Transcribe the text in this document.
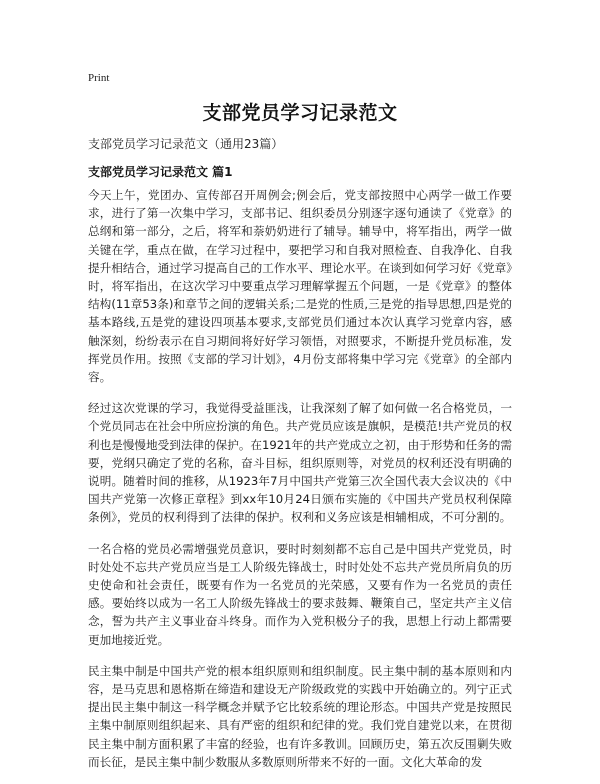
Print
支部党员学习记录范文
支部党员学习记录范文（通用23篇）
支部党员学习记录范文 篇1

今天上午，党团办、宣传部召开周例会;例会后，党支部按照中心两学一做工作要求，进行了第一次集中学习，支部书记、组织委员分别逐字逐句通读了《党章》的总纲和第一部分，之后，将军和萘奶奶进行了辅导。辅导中，将军指出，两学一做关键在学，重点在做，在学习过程中，要把学习和自我对照检查、自我净化、自我提升相结合，通过学习提高自己的工作水平、理论水平。在谈到如何学习好《党章》时，将军指出，在这次学习中要重点学习理解掌握五个问题，一是《党章》的整体结构(11章53条)和章节之间的逻辑关系;二是党的性质,三是党的指导思想,四是党的基本路线,五是党的建设四项基本要求,支部党员们通过本次认真学习党章内容，感触深刻，纷纷表示在自习期间将好好学习领悟，对照要求，不断提升党员标准，发挥党员作用。按照《支部的学习计划》，4月份支部将集中学习完《党章》的全部内容。

经过这次党课的学习，我觉得受益匪浅，让我深刻了解了如何做一名合格党员，一个党员同志在社会中所应扮演的角色。共产党员应该是旗帜，是模范!共产党员的权利也是慢慢地受到法律的保护。在1921年的共产党成立之初，由于形势和任务的需要，党纲只确定了党的名称，奋斗目标，组织原则等，对党员的权利还没有明确的说明。随着时间的推移，从1923年7月中国共产党第三次全国代表大会议决的《中国共产党第一次修正章程》到xx年10月24日颁布实施的《中国共产党员权利保障条例》，党员的权利得到了法律的保护。权利和义务应该是相辅相成，不可分割的。

一名合格的党员必需增强党员意识，要时时刻刻都不忘自己是中国共产党党员，时时处处不忘共产党员应当是工人阶级先锋战士，时时处处不忘共产党员所肩负的历史使命和社会责任，既要有作为一名党员的光荣感，又要有作为一名党员的责任感。要始终以成为一名工人阶级先锋战士的要求鼓舞、鞭策自己，坚定共产主义信念，誓为共产主义事业奋斗终身。而作为入党积极分子的我，思想上行动上都需要更加地接近党。

民主集中制是中国共产党的根本组织原则和组织制度。民主集中制的基本原则和内容，是马克思和恩格斯在缔造和建设无产阶级政党的实践中开始确立的。列宁正式提出民主集中制这一科学概念并赋予它比较系统的理论形态。中国共产党是按照民主集中制原则组织起来、具有严密的组织和纪律的党。我们党自建党以来，在贯彻民主集中制方面积累了丰富的经验，也有许多教训。回顾历史，第五次反围剿失败而长征，是民主集中制少数服从多数原则所带来不好的一面。文化大革命的发
